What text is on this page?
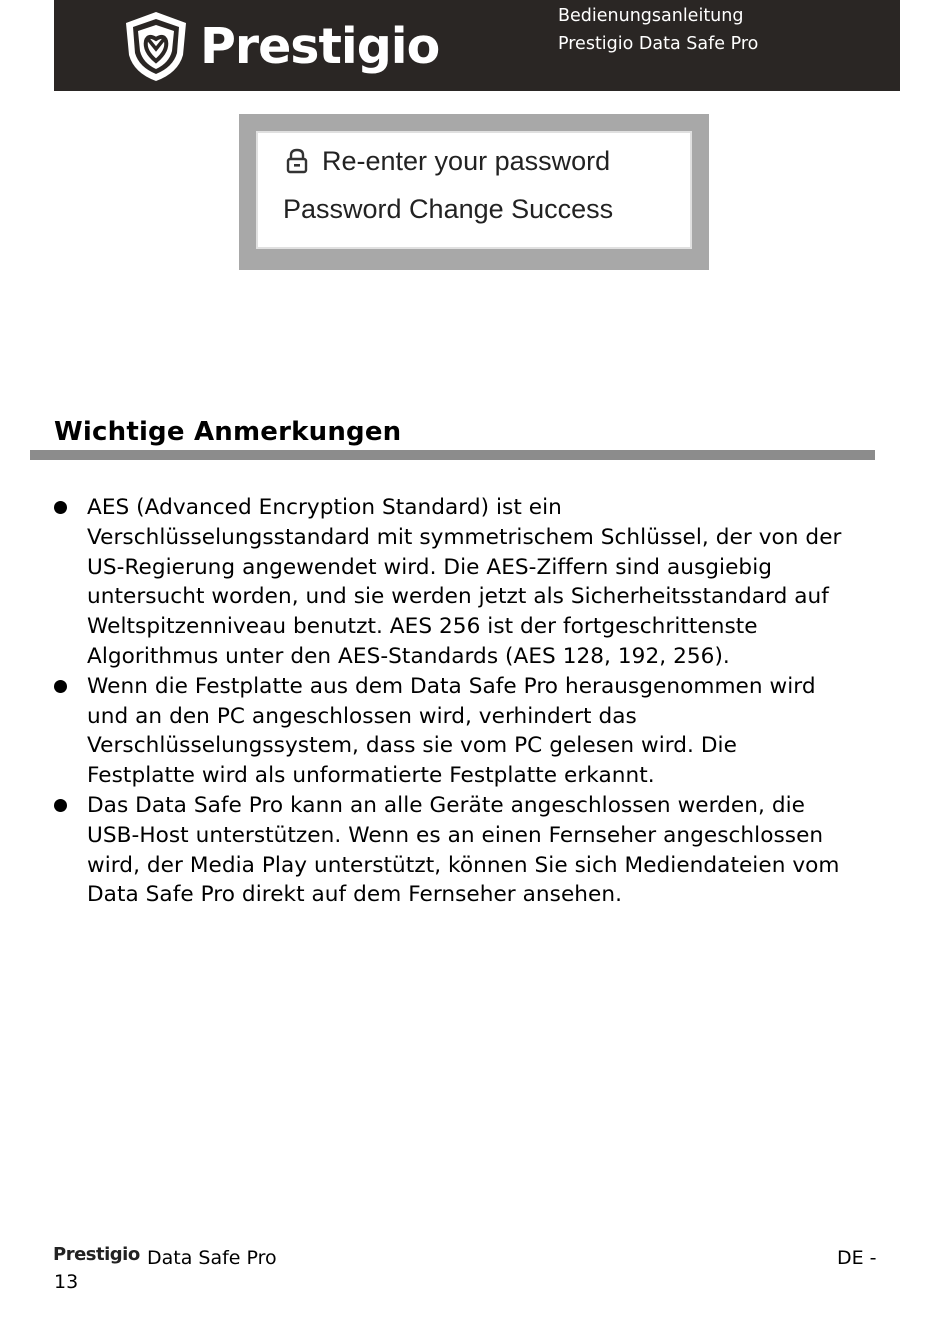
Prestigio
Bedienungsanleitung
Prestigio Data Safe Pro
Re-enter your password
Password Change Success
Wichtige Anmerkungen
AES (Advanced Encryption Standard) ist ein
Verschlüsselungsstandard mit symmetrischem Schlüssel, der von der
US-Regierung angewendet wird. Die AES-Ziffern sind ausgiebig
untersucht worden, und sie werden jetzt als Sicherheitsstandard auf
Weltspitzenniveau benutzt. AES 256 ist der fortgeschrittenste
Algorithmus unter den AES-Standards (AES 128, 192, 256).
Wenn die Festplatte aus dem Data Safe Pro herausgenommen wird
und an den PC angeschlossen wird, verhindert das
Verschlüsselungssystem, dass sie vom PC gelesen wird. Die
Festplatte wird als unformatierte Festplatte erkannt.
Das Data Safe Pro kann an alle Geräte angeschlossen werden, die
USB-Host unterstützen. Wenn es an einen Fernseher angeschlossen
wird, der Media Play unterstützt, können Sie sich Mediendateien vom
Data Safe Pro direkt auf dem Fernseher ansehen.
Prestigio Data Safe Pro	DE -
13
